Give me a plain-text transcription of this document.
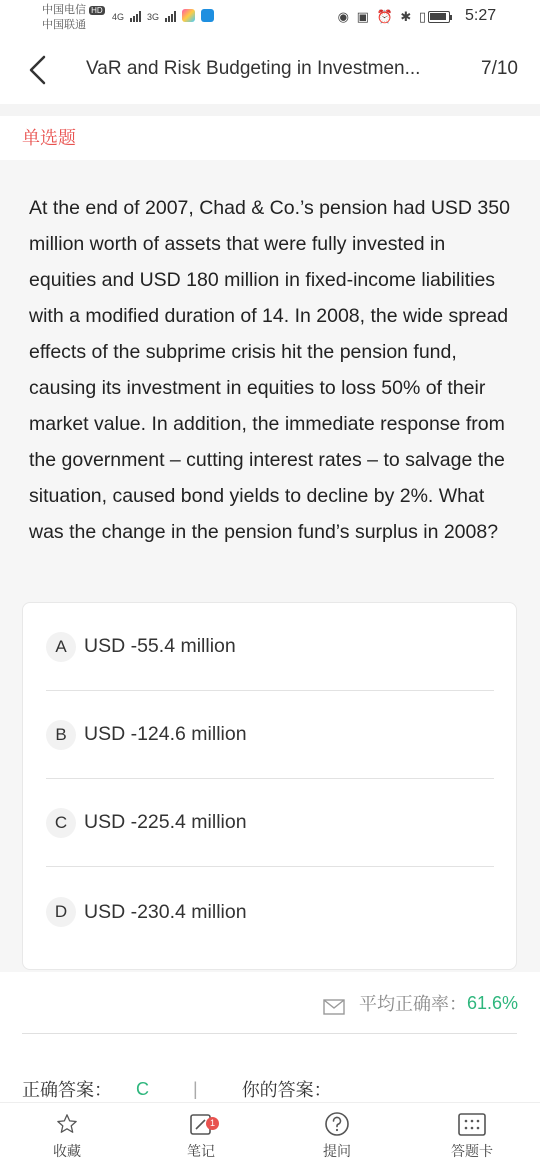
中国电信 HD
中国联通
4G	3G	◉ ▣ ⏰ ✱ ▯ 5:27
VaR and Risk Budgeting in Investmen...	7/10
单选题
At the end of 2007, Chad & Co.’s pension had USD 350 million worth of assets that were fully invested in equities and USD 180 million in fixed-income liabilities with a modified duration of 14. In 2008, the wide spread effects of the subprime crisis hit the pension fund, causing its investment in equities to loss 50% of their market value. In addition, the immediate response from the government – cutting interest rates – to salvage the situation, caused bond yields to decline by 2%. What was the change in the pension fund’s surplus in 2008?
A USD -55.4 million
B USD -124.6 million
C USD -225.4 million
D USD -230.4 million
平均正确率： 61.6%
正确答案： C | 你的答案：
收藏
1
笔记	提问	答题卡
